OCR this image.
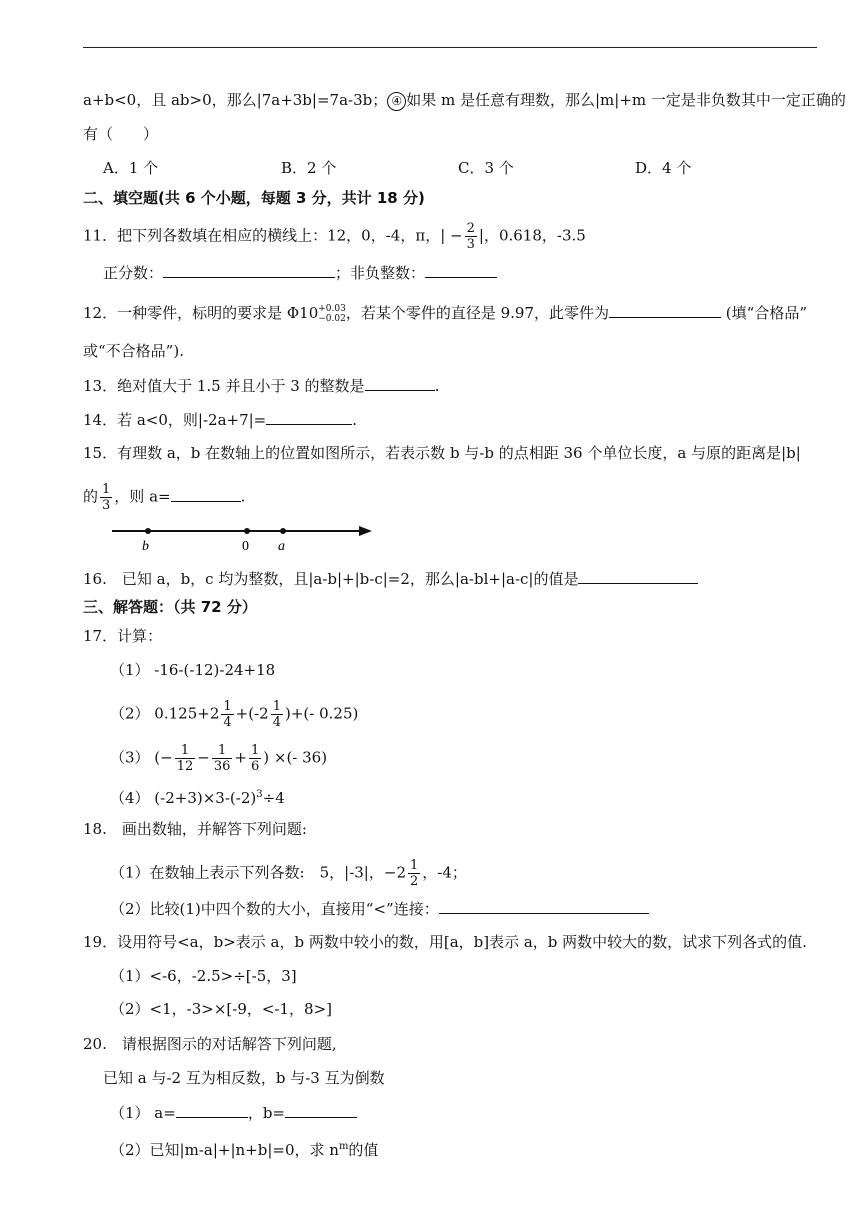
a+b<0，且 ab>0，那么|7a+3b|=7a-3b； ④ 如果 m 是任意有理数，那么|m|+m 一定是非负数其中一定正确的
有（　　）
A．1 个	B．2 个	C．3 个	D．4 个
二、填空题(共 6 个小题，每题 3 分，共计 18 分)
11．把下列各数填在相应的横线上：12，0，-4，π，| − $\frac{2}{3}$ |，0.618，-3.5
正分数：	；非负整数：
12．一种零件，标明的要求是 Φ10 +0.03
−0.02 ，若某个零件的直径是 9.97，此零件为	(填“合格品”
或“不合格品”).
13．绝对值大于 1.5 并且小于 3 的整数是	.
14．若 a<0，则|-2a+7|=	.
15．有理数 a，b 在数轴上的位置如图所示，若表示数 b 与-b 的点相距 36 个单位长度，a 与原的距离是|b|
的 $\frac{1}{3}$ ，则 a=	.
b	0 a
16.　已知 a，b，c 均为整数，且|a-b|+|b-c|=2，那么|a-bl+|a-c|的值是
三、解答题：（共 72 分）
17．计算：
（1） -16-(-12)-24+18
（2） $0.125+2 \frac{1}{4} +(-2 \frac{1}{4}$ )+(- 0.25)
（3） (− $\frac{1}{12} - \frac{1}{36} + \frac{1}{6}$ ) ×(- 36)
（4） $(-2+3)\times 3-(-2)^3\div 4$
18.　画出数轴，并解答下列问题:
（1）在数轴上表示下列各数:　5，|-3|，$-2 \frac{1}{2}$ ，-4；
（2）比较(1)中四个数的大小，直接用“<”连接：
19．设用符号<a，b>表示 a，b 两数中较小的数，用[a，b]表示 a，b 两数中较大的数，试求下列各式的值.
（1）<-6，-2.5>÷[-5，3]
（2）<1，-3>×[-9，<-1，8>]
20.　请根据图示的对话解答下列问题,
已知 a 与-2 互为相反数，b 与-3 互为倒数
（1） a=	，b=
（2）已知|m-a|+|n+b|=0，求 $n^m$的值
